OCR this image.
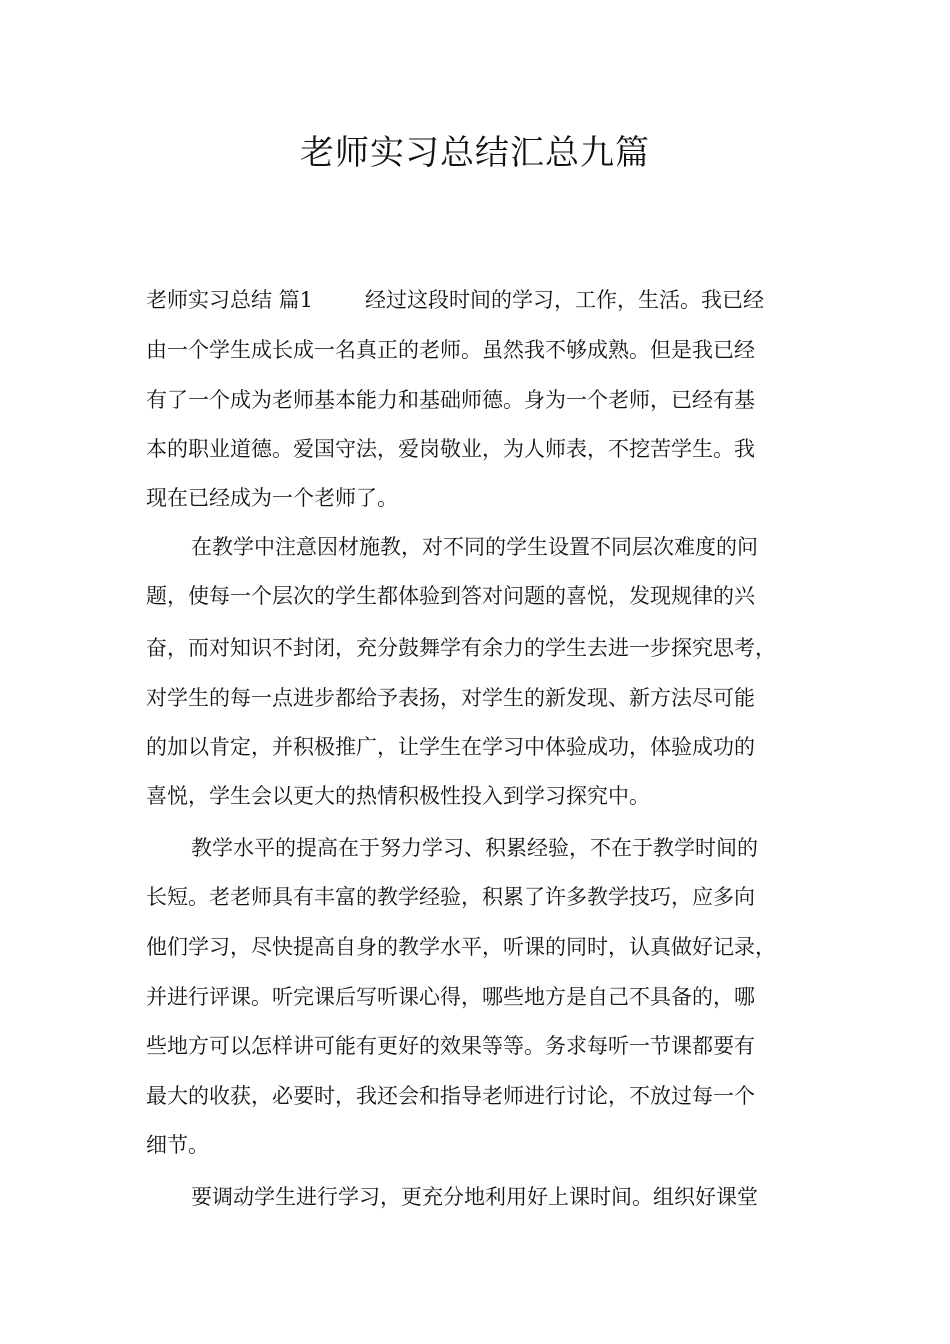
老师实习总结汇总九篇
老师实习总结 篇1 经过这段时间的学习，工作，生活。我已经
由一个学生成长成一名真正的老师。虽然我不够成熟。但是我已经
有了一个成为老师基本能力和基础师德。身为一个老师，已经有基
本的职业道德。爱国守法，爱岗敬业，为人师表，不挖苦学生。我
现在已经成为一个老师了。
在教学中注意因材施教，对不同的学生设置不同层次难度的问
题，使每一个层次的学生都体验到答对问题的喜悦，发现规律的兴
奋，而对知识不封闭，充分鼓舞学有余力的学生去进一步探究思考，
对学生的每一点进步都给予表扬，对学生的新发现、新方法尽可能
的加以肯定，并积极推广，让学生在学习中体验成功，体验成功的
喜悦，学生会以更大的热情积极性投入到学习探究中。
教学水平的提高在于努力学习、积累经验，不在于教学时间的
长短。老老师具有丰富的教学经验，积累了许多教学技巧，应多向
他们学习，尽快提高自身的教学水平，听课的同时，认真做好记录，
并进行评课。听完课后写听课心得，哪些地方是自己不具备的，哪
些地方可以怎样讲可能有更好的效果等等。务求每听一节课都要有
最大的收获，必要时，我还会和指导老师进行讨论，不放过每一个
细节。
要调动学生进行学习，更充分地利用好上课时间。组织好课堂
